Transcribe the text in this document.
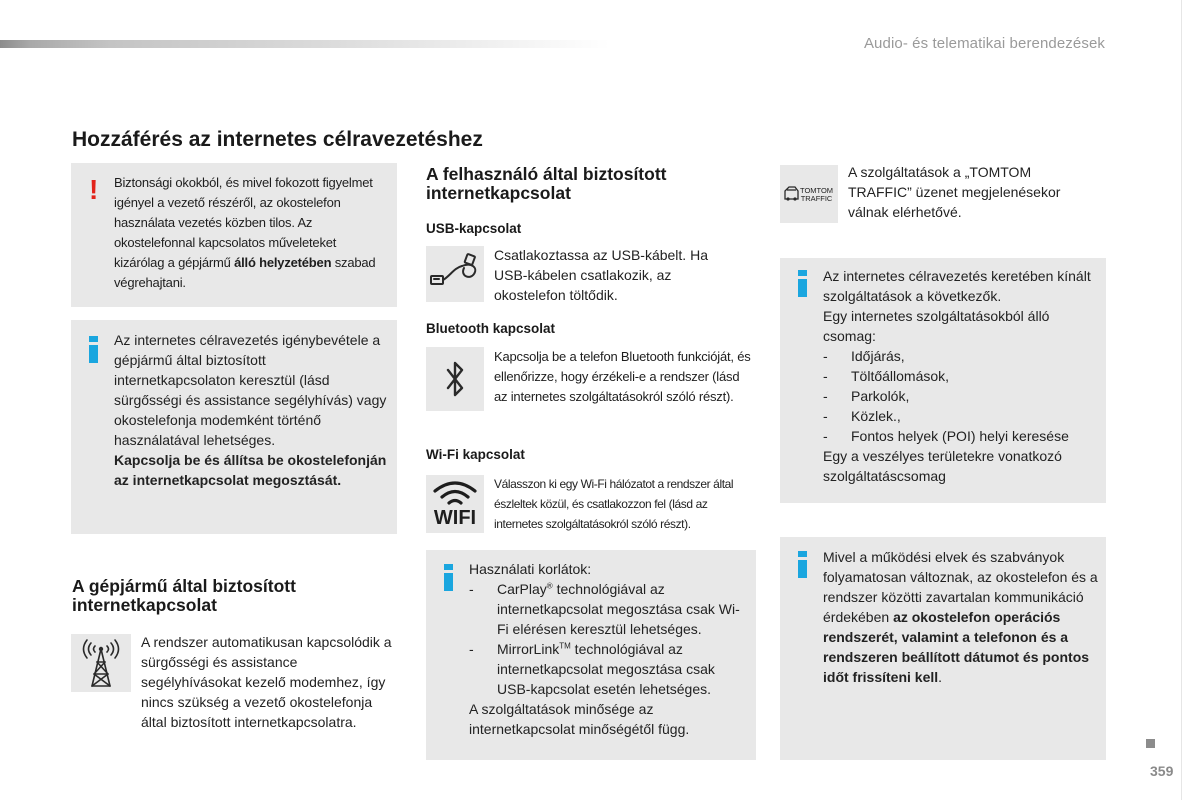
Audio- és telematikai berendezések
Hozzáférés az internetes célravezetéshez
! Biztonsági okokból, és mivel fokozott figyelmet igényel a vezető részéről, az okostelefon használata vezetés közben tilos. Az okostelefonnal kapcsolatos műveleteket kizárólag a gépjármű álló helyzetében szabad végrehajtani.
Az internetes célravezetés igénybevétele a gépjármű által biztosított internetkapcsolaton keresztül (lásd sürgősségi és assistance segélyhívás) vagy okostelefonja modemként történő használatával lehetséges.
Kapcsolja be és állítsa be okostelefonján az internetkapcsolat megosztását.
A gépjármű által biztosított internetkapcsolat
A rendszer automatikusan kapcsolódik a sürgősségi és assistance segélyhívásokat kezelő modemhez, így nincs szükség a vezető okostelefonja által biztosított internetkapcsolatra.
A felhasználó által biztosított internetkapcsolat
USB-kapcsolat
Csatlakoztassa az USB-kábelt. Ha USB-kábelen csatlakozik, az okostelefon töltődik.
Bluetooth kapcsolat
Kapcsolja be a telefon Bluetooth funkcióját, és ellenőrizze, hogy érzékeli-e a rendszer (lásd az internetes szolgáltatásokról szóló részt).
Wi-Fi kapcsolat
WIFI
Válasszon ki egy Wi-Fi hálózatot a rendszer által észleltek közül, és csatlakozzon fel (lásd az internetes szolgáltatásokról szóló részt).
Használati korlátok:
- CarPlay® technológiával az internetkapcsolat megosztása csak Wi-Fi elérésen keresztül lehetséges.
- MirrorLink™ technológiával az internetkapcsolat megosztása csak USB-kapcsolat esetén lehetséges.
A szolgáltatások minősége az internetkapcsolat minőségétől függ.
TOMTOM
TRAFFIC
A szolgáltatások a „TOMTOM TRAFFIC” üzenet megjelenésekor válnak elérhetővé.
Az internetes célravezetés keretében kínált szolgáltatások a következők.
Egy internetes szolgáltatásokból álló csomag:
- Időjárás,
- Töltőállomások,
- Parkolók,
- Közlek.,
- Fontos helyek (POI) helyi keresése
Egy a veszélyes területekre vonatkozó szolgáltatáscsomag
Mivel a működési elvek és szabványok folyamatosan változnak, az okostelefon és a rendszer közötti zavartalan kommunikáció érdekében az okostelefon operációs rendszerét, valamint a telefonon és a rendszeren beállított dátumot és pontos időt frissíteni kell.
359
